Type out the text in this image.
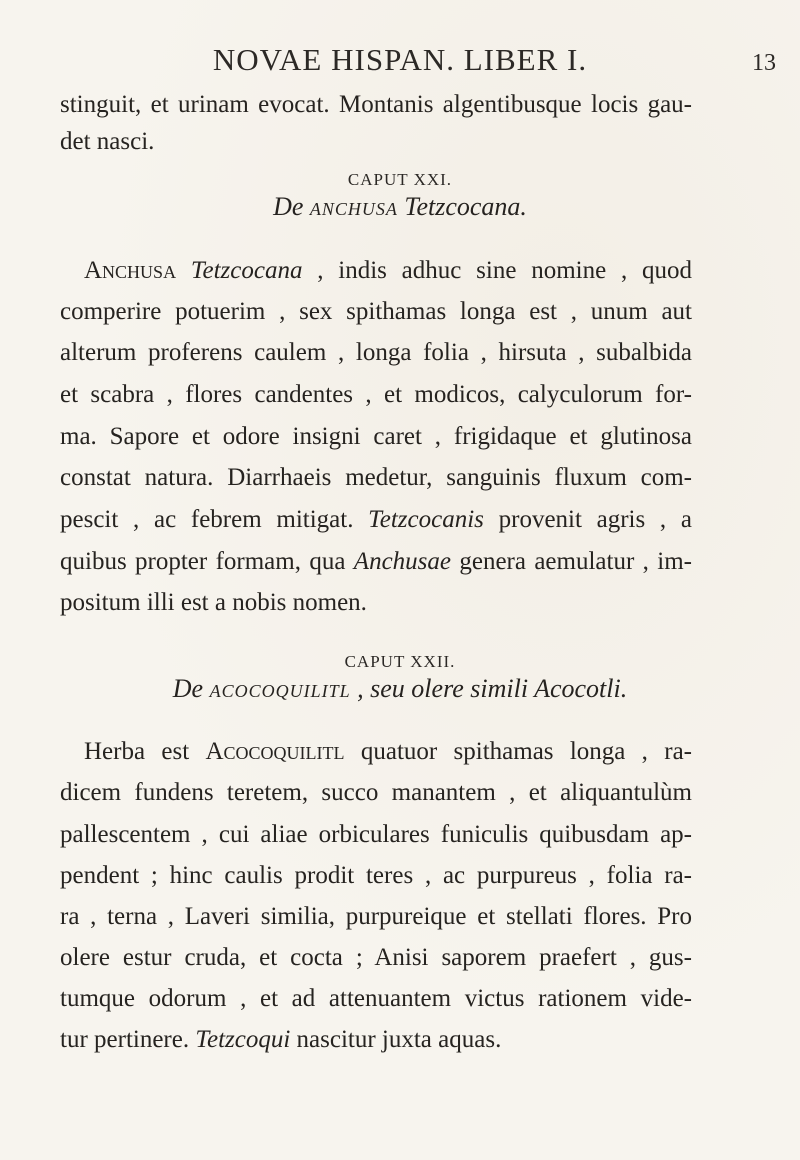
NOVAE HISPAN. LIBER I.	13
stinguit, et urinam evocat. Montanis algentibusque locis gau-
det nasci.
CAPUT XXI.
De ANCHUSA Tetzcocana.
Anchusa Tetzcocana , indis adhuc sine nomine , quod
comperire potuerim , sex spithamas longa est , unum aut
alterum proferens caulem , longa folia , hirsuta , subalbida
et scabra , flores candentes , et modicos, calyculorum for-
ma. Sapore et odore insigni caret , frigidaque et glutinosa
constat natura. Diarrhaeis medetur, sanguinis fluxum com-
pescit , ac febrem mitigat. Tetzcocanis provenit agris , a
quibus propter formam, qua Anchusae genera aemulatur , im-
positum illi est a nobis nomen.
CAPUT XXII.
De ACOCOQUILITL , seu olere simili Acocotli.
Herba est Acocoquilitl quatuor spithamas longa , ra-
dicem fundens teretem, succo manantem , et aliquantulùm
pallescentem , cui aliae orbiculares funiculis quibusdam ap-
pendent ; hinc caulis prodit teres , ac purpureus , folia ra-
ra , terna , Laveri similia, purpureique et stellati flores. Pro
olere estur cruda, et cocta ; Anisi saporem praefert , gus-
tumque odorum , et ad attenuantem victus rationem vide-
tur pertinere. Tetzcoqui nascitur juxta aquas.
